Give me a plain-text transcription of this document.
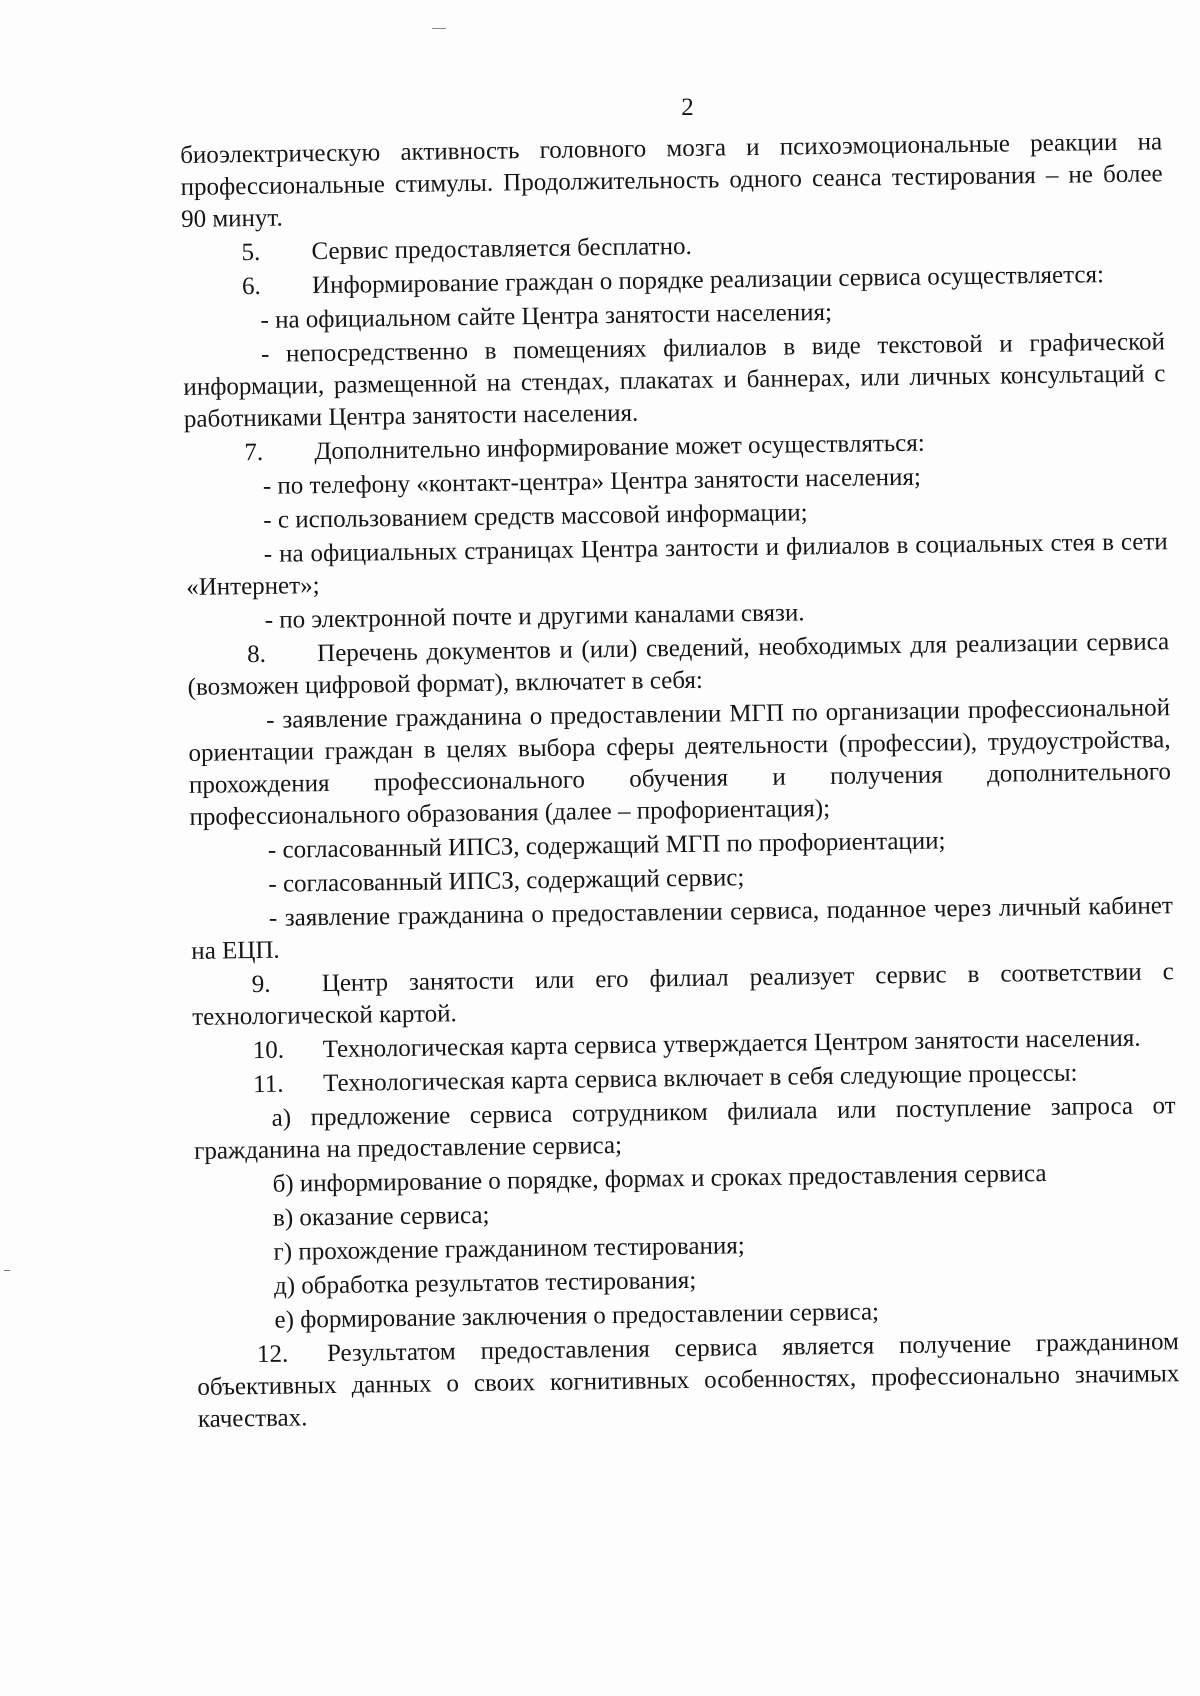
2

биоэлектрическую активность головного мозга и психоэмоциональные реакции на профессиональные стимулы. Продолжительность одного сеанса тестирования – не более 90 минут.

5. Сервис предоставляется бесплатно.

6. Информирование граждан о порядке реализации сервиса осуществляется:

- на официальном сайте Центра занятости населения;

- непосредственно в помещениях филиалов в виде текстовой и графической информации, размещенной на стендах, плакатах и баннерах, или личных консультаций с работниками Центра занятости населения.

7. Дополнительно информирование может осуществляться:

- по телефону «контакт-центра» Центра занятости населения;

- с использованием средств массовой информации;

- на официальных страницах Центра зантости и филиалов в социальных стея в сети «Интернет»;

- по электронной почте и другими каналами связи.

8. Перечень документов и (или) сведений, необходимых для реализации сервиса (возможен цифровой формат), включатет в себя:

- заявление гражданина о предоставлении МГП по организации профессиональной ориентации граждан в целях выбора сферы деятельности (профессии), трудоустройства, прохождения профессионального обучения и получения дополнительного профессионального образования (далее – профориентация);

- согласованный ИПСЗ, содержащий МГП по профориентации;

- согласованный ИПСЗ, содержащий сервис;

- заявление гражданина о предоставлении сервиса, поданное через личный кабинет на ЕЦП.

9. Центр занятости или его филиал реализует сервис в соответствии с технологической картой.

10. Технологическая карта сервиса утверждается Центром занятости населения.

11. Технологическая карта сервиса включает в себя следующие процессы:

а) предложение сервиса сотрудником филиала или поступление запроса от гражданина на предоставление сервиса;

б) информирование о порядке, формах и сроках предоставления сервиса

в) оказание сервиса;

г) прохождение гражданином тестирования;

д) обработка результатов тестирования;

е) формирование заключения о предоставлении сервиса;

12. Результатом предоставления сервиса является получение гражданином объективных данных о своих когнитивных особенностях, профессионально значимых качествах.
